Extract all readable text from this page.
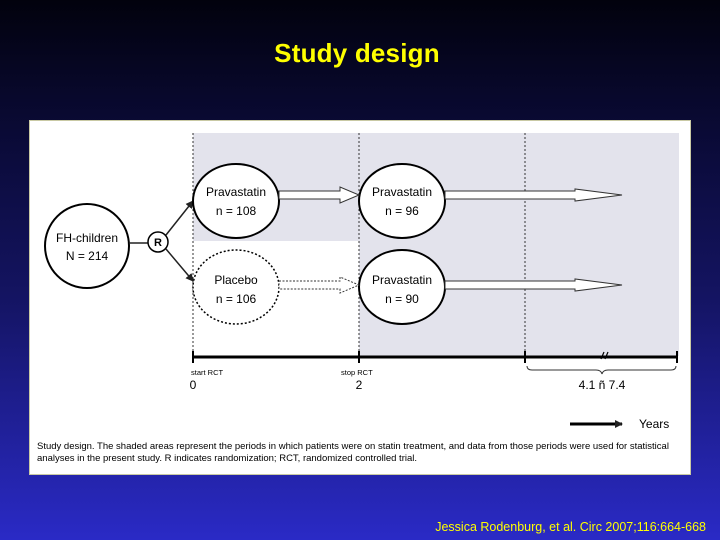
Study design
FH-children
N = 214
R
Pravastatin
n = 108
Pravastatin
n = 96
Placebo
n = 106
Pravastatin
n = 90
start RCT	stop RCT
0	2	4.1 ñ 7.4
Years
Study design. The shaded areas represent the periods in which patients were on statin treatment, and data from those periods were used for statistical analyses in the present study. R indicates randomization; RCT, randomized controlled trial.
Jessica Rodenburg, et al. Circ 2007;116:664-668
